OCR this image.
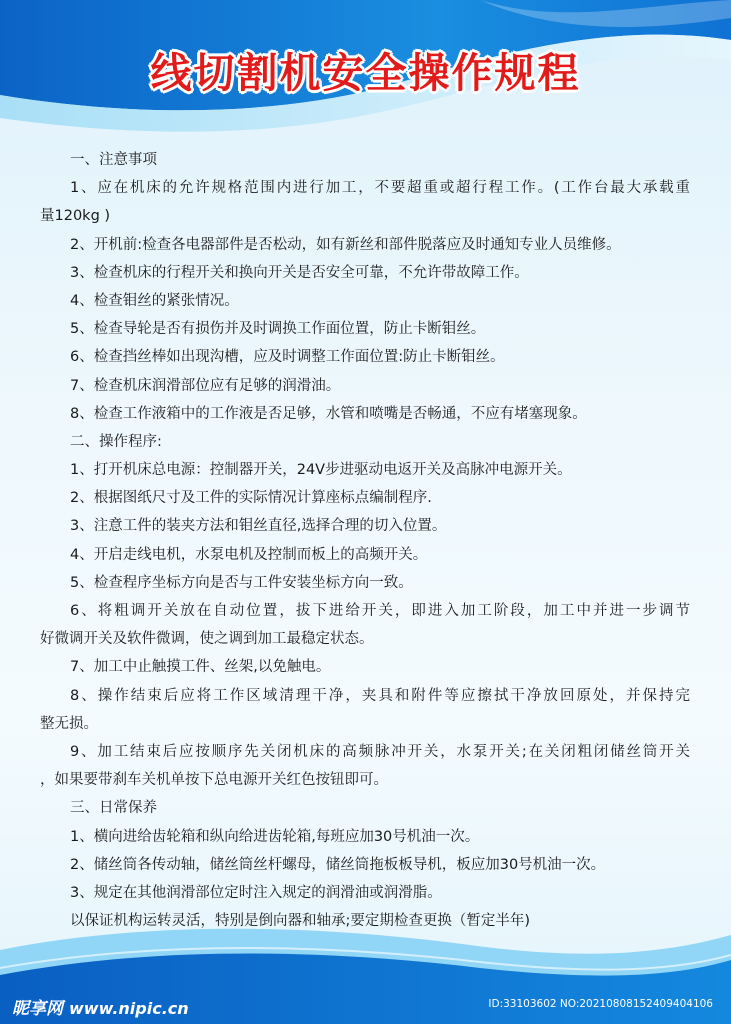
线切割机安全操作规程
一、注意事项
1、应在机床的允许规格范围内进行加工，不要超重或超行程工作。(工作台最大承载重
量120kg )
2、开机前:检查各电器部件是否松动，如有新丝和部件脱落应及时通知专业人员维修。
3、检查机床的行程开关和换向开关是否安全可靠，不允许带故障工作。
4、检查钼丝的紧张情况。
5、检查导轮是否有损伤并及时调换工作面位置，防止卡断钼丝。
6、检查挡丝棒如出现沟槽，应及时调整工作面位置:防止卡断钼丝。
7、检查机床润滑部位应有足够的润滑油。
8、检查工作液箱中的工作液是否足够，水管和喷嘴是否畅通，不应有堵塞现象。
二、操作程序:
1、打开机床总电源：控制器开关，24V步进驱动电返开关及高脉冲电源开关。
2、根据图纸尺寸及工件的实际情况计算座标点编制程序.
3、注意工件的装夹方法和钼丝直径,选择合理的切入位置。
4、开启走线电机，水泵电机及控制而板上的高频开关。
5、检查程序坐标方向是否与工件安装坐标方向一致。
6、将粗调开关放在自动位置，拔下进给开关，即进入加工阶段，加工中并进一步调节
好微调开关及软件微调，使之调到加工最稳定状态。
7、加工中止触摸工件、丝架,以免触电。
8、操作结束后应将工作区域清理干净，夹具和附件等应擦拭干净放回原处，并保持完
整无损。
9、加工结束后应按顺序先关闭机床的高频脉冲开关，水泵开关;在关闭粗闭储丝筒开关
，如果要带刹车关机单按下总电源开关红色按钮即可。
三、日常保养
1、横向进给齿轮箱和纵向给进齿轮箱,每班应加30号机油一次。
2、储丝筒各传动轴，储丝筒丝杆螺母，储丝筒拖板板导机，板应加30号机油一次。
3、规定在其他润滑部位定时注入规定的润滑油或润滑脂。
以保证机构运转灵活，特别是倒向器和轴承;要定期检查更换（暂定半年)
昵享网 www.nipic.cn	ID:33103602 NO:20210808152409404106
